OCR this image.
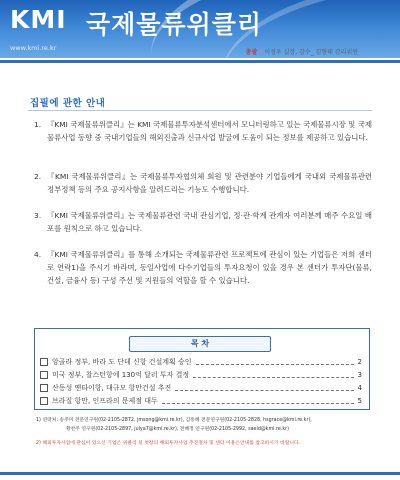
KMI 국제물류위클리
www.kmi.re.kr
총괄 이성우 실장, 감수_ 김형태 감리위원
집필에 관한 안내
1. 『KMI 국제물류위클리』는 KMI 국제물류투자분석센터에서 모니터링하고 있는 국제물류시장 및 국제물류사업 동향 중 국내기업들의 해외진출과 신규사업 발굴에 도움이 되는 정보를 제공하고 있습니다.
2. 『KMI 국제물류위클리』는 국제물류투자협의체 회원 및 관련분야 기업들에게 국내외 국제물류관련 정부정책 등의 주요 공지사항을 알려드리는 기능도 수행합니다.
3. 『KMI 국제물류위클리』는 국제물류관련 국내 관심기업, 정·관·학계 관계자 여러분께 매주 수요일 배포를 원칙으로 하고 있습니다.
4. 『KMI 국제물류위클리』를 통해 소개되는 국제물류관련 프로젝트에 관심이 있는 기업들은 저희 센터로 연락1)을 주시기 바라며, 동일사업에 다수기업들의 투자요청이 있을 경우 본 센터가 투자단(물류, 건설, 금융사 등) 구성 주선 및 지원들의 역할을 할 수 있습니다.
목 차
앙골라 정부, 바라 도 단데 신항 건설계획 승인	2
미국 정부, 찰스턴항에 130억 달러 투자 결정	3
산동성 옌타이항, 대규모 항만건설 추진	4
브라질 항만, 인프라의 문제점 대두	5
1) 연락처: 송주미 전문연구원(02-2105-2872, jmsong@kmi.re.kr), 김흥혜 전문연구원(02-2105-2828, hsgrace@kmi.re.kr),
황찬주 연구원(02-2105-2897, julya7@kmi.re.kr), 전혜정 연구원(02-2105-2992, saeid@kmi.re.kr)
2) 해외투자사업에 관심이 있으신 기업은 위클리 뒷 첫장의 해외투자사업 추진절차 및 센터 이용은안내를 참고하시기 바랍니다.
